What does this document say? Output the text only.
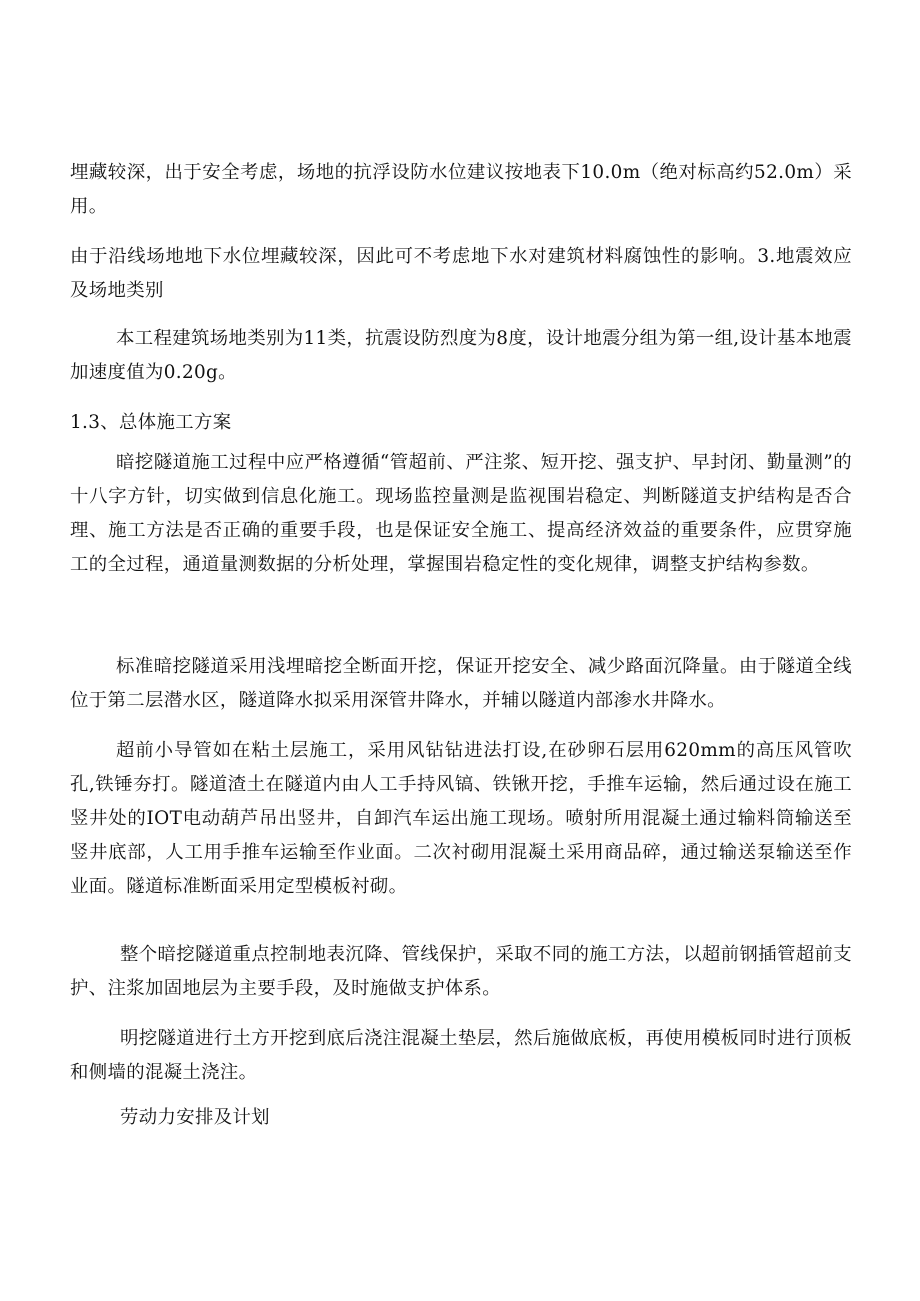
埋藏较深，出于安全考虑，场地的抗浮设防水位建议按地表下10.0m（绝对标高约52.0m）采用。

由于沿线场地地下水位埋藏较深，因此可不考虑地下水对建筑材料腐蚀性的影响。3.地震效应及场地类别

本工程建筑场地类别为11类，抗震设防烈度为8度，设计地震分组为第一组,设计基本地震加速度值为0.20g。

1.3、总体施工方案

暗挖隧道施工过程中应严格遵循“管超前、严注浆、短开挖、强支护、早封闭、勤量测”的十八字方针，切实做到信息化施工。现场监控量测是监视围岩稳定、判断隧道支护结构是否合理、施工方法是否正确的重要手段，也是保证安全施工、提高经济效益的重要条件，应贯穿施工的全过程，通道量测数据的分析处理，掌握围岩稳定性的变化规律，调整支护结构参数。

标准暗挖隧道采用浅埋暗挖全断面开挖，保证开挖安全、减少路面沉降量。由于隧道全线位于第二层潜水区，隧道降水拟采用深管井降水，并辅以隧道内部渗水井降水。

超前小导管如在粘土层施工，采用风钻钻进法打设,在砂卵石层用620mm的高压风管吹孔,铁锤夯打。隧道渣土在隧道内由人工手持风镐、铁锹开挖，手推车运输，然后通过设在施工竖井处的IOT电动葫芦吊出竖井，自卸汽车运出施工现场。喷射所用混凝土通过输料筒输送至竖井底部，人工用手推车运输至作业面。二次衬砌用混凝土采用商品碎，通过输送泵输送至作业面。隧道标准断面采用定型模板衬砌。

整个暗挖隧道重点控制地表沉降、管线保护，采取不同的施工方法，以超前钢插管超前支护、注浆加固地层为主要手段，及时施做支护体系。

明挖隧道进行土方开挖到底后浇注混凝土垫层，然后施做底板，再使用模板同时进行顶板和侧墙的混凝土浇注。

劳动力安排及计划
